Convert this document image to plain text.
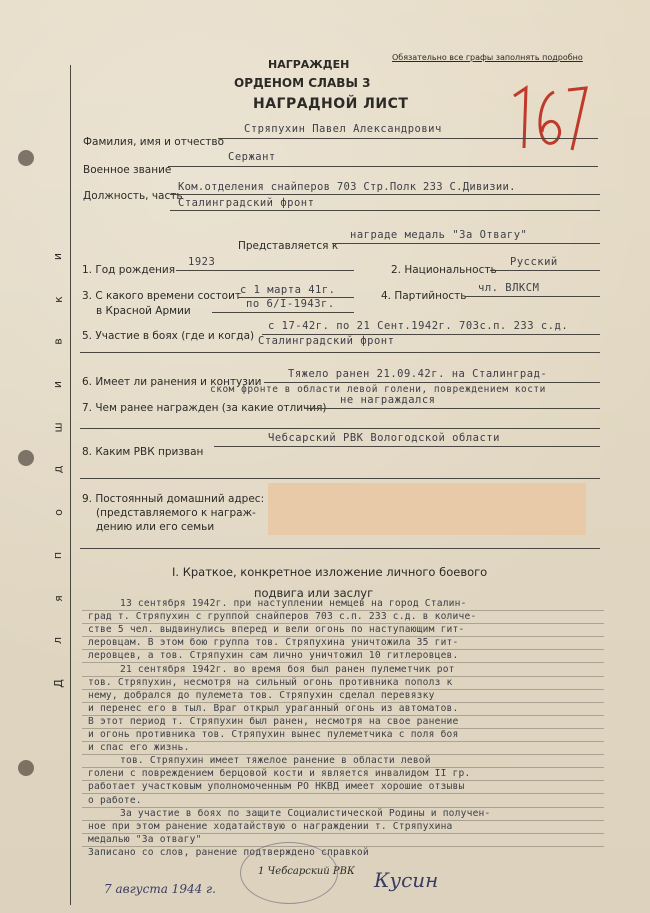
и
к
в
и
ш
д
о
п
я
л
Д
Обязательно все графы заполнять подробно
НАГРАЖДЕН
ОРДЕНОМ СЛАВЫ 3
НАГРАДНОЙ ЛИСТ
167
Фамилия, имя и отчество
Стряпухин Павел Александрович
Военное звание
Сержант
Должность, часть
Ком.отделения снайперов 703 Стр.Полк 233 С.Дивизии.
Сталинградский фронт
Представляется к
награде медаль "За Отвагу"
1. Год рождения
1923
2. Национальность
Русский
3. С какого времени состоит
в Красной Армии
с 1 марта 41г.
по 6/I-1943г.
4. Партийность
чл. ВЛКСМ
5. Участие в боях (где и когда)
с 17-42г. по 21 Сент.1942г. 703с.п. 233 с.д.
Сталинградский фронт
6. Имеет ли ранения и контузии
Тяжело ранен 21.09.42г. на Сталинград-
ском фронте в области левой голени, повреждением кости
7. Чем ранее награжден (за какие отличия)
не награждался
8. Каким РВК призван
Чебсарский РВК Вологодской области
9. Постоянный домашний адрес:
(представляемого к награж-
дению или его семьи
I. Краткое, конкретное изложение личного боевого
подвига или заслуг
13 сентября 1942г. при наступлении немцев на город Сталин-
град т. Стряпухин с группой снайперов 703 с.п. 233 с.д. в количе-
стве 5 чел. выдвинулись вперед и вели огонь по наступающим гит-
леровцам. В этом бою группа тов. Стряпухина уничтожила 35 гит-
леровцев, а тов. Стряпухин сам лично уничтожил 10 гитлеровцев.
21 сентября 1942г. во время боя был ранен пулеметчик рот
тов. Стряпухин, несмотря на сильный огонь противника пополз к
нему, добрался до пулемета тов. Стряпухин сделал перевязку
и перенес его в тыл. Враг открыл ураганный огонь из автоматов.
В этот период т. Стряпухин был ранен, несмотря на свое ранение
и огонь противника тов. Стряпухин вынес пулеметчика с поля боя
и спас его жизнь.
тов. Стряпухин имеет тяжелое ранение в области левой
голени с повреждением берцовой кости и является инвалидом II гр.
работает участковым уполномоченным РО НКВД имеет хорошие отзывы
о работе.
За участие в боях по защите Социалистической Родины и получен-
ное при этом ранение ходатайствую о награждении т. Стряпухина
медалью "За отвагу"
Записано со слов, ранение подтверждено справкой
7 августа 1944 г.
1 Чебсарский РВК Кусин
